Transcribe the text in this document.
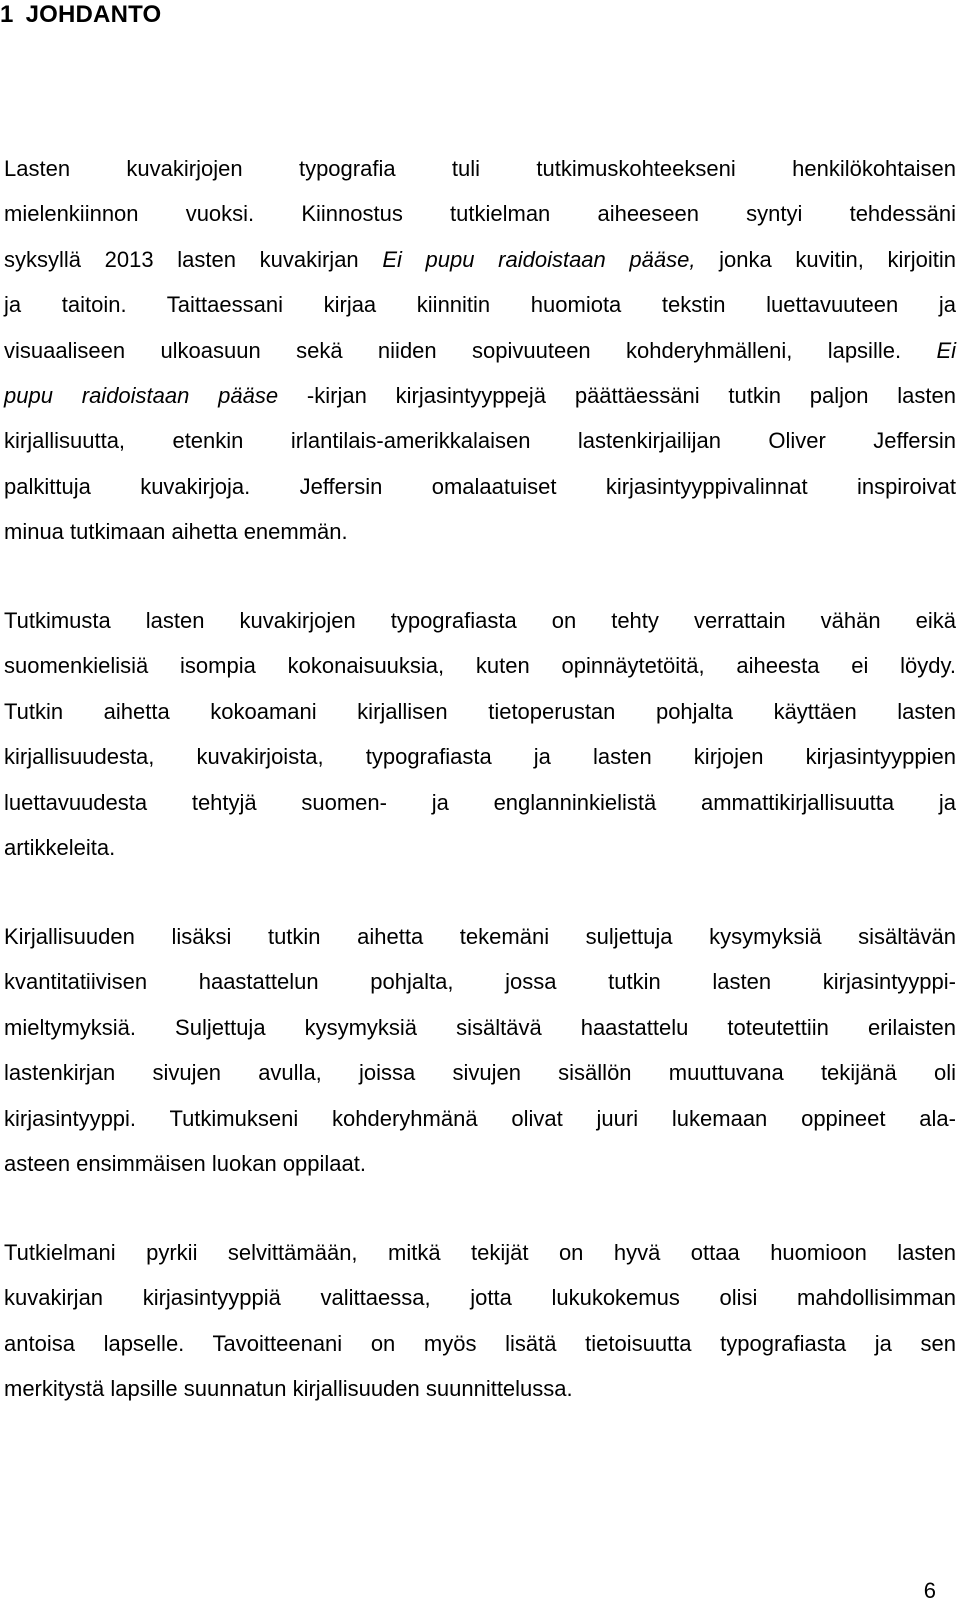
1 JOHDANTO
Lasten kuvakirjojen typografia tuli tutkimuskohteekseni henkilökohtaisen
mielenkiinnon vuoksi. Kiinnostus tutkielman aiheeseen syntyi tehdessäni
syksyllä 2013 lasten kuvakirjan Ei pupu raidoistaan pääse, jonka kuvitin, kirjoitin
ja taitoin. Taittaessani kirjaa kiinnitin huomiota tekstin luettavuuteen ja
visuaaliseen ulkoasuun sekä niiden sopivuuteen kohderyhmälleni, lapsille. Ei
pupu raidoistaan pääse -kirjan kirjasintyyppejä päättäessäni tutkin paljon lasten
kirjallisuutta, etenkin irlantilais-amerikkalaisen lastenkirjailijan Oliver Jeffersin
palkittuja kuvakirjoja. Jeffersin omalaatuiset kirjasintyyppivalinnat inspiroivat
minua tutkimaan aihetta enemmän.
Tutkimusta lasten kuvakirjojen typografiasta on tehty verrattain vähän eikä
suomenkielisiä isompia kokonaisuuksia, kuten opinnäytetöitä, aiheesta ei löydy.
Tutkin aihetta kokoamani kirjallisen tietoperustan pohjalta käyttäen lasten
kirjallisuudesta, kuvakirjoista, typografiasta ja lasten kirjojen kirjasintyyppien
luettavuudesta tehtyjä suomen- ja englanninkielistä ammattikirjallisuutta ja
artikkeleita.
Kirjallisuuden lisäksi tutkin aihetta tekemäni suljettuja kysymyksiä sisältävän
kvantitatiivisen haastattelun pohjalta, jossa tutkin lasten kirjasintyyppi-
mieltymyksiä. Suljettuja kysymyksiä sisältävä haastattelu toteutettiin erilaisten
lastenkirjan sivujen avulla, joissa sivujen sisällön muuttuvana tekijänä oli
kirjasintyyppi. Tutkimukseni kohderyhmänä olivat juuri lukemaan oppineet ala-
asteen ensimmäisen luokan oppilaat.
Tutkielmani pyrkii selvittämään, mitkä tekijät on hyvä ottaa huomioon lasten
kuvakirjan kirjasintyyppiä valittaessa, jotta lukukokemus olisi mahdollisimman
antoisa lapselle. Tavoitteenani on myös lisätä tietoisuutta typografiasta ja sen
merkitystä lapsille suunnatun kirjallisuuden suunnittelussa.
6
